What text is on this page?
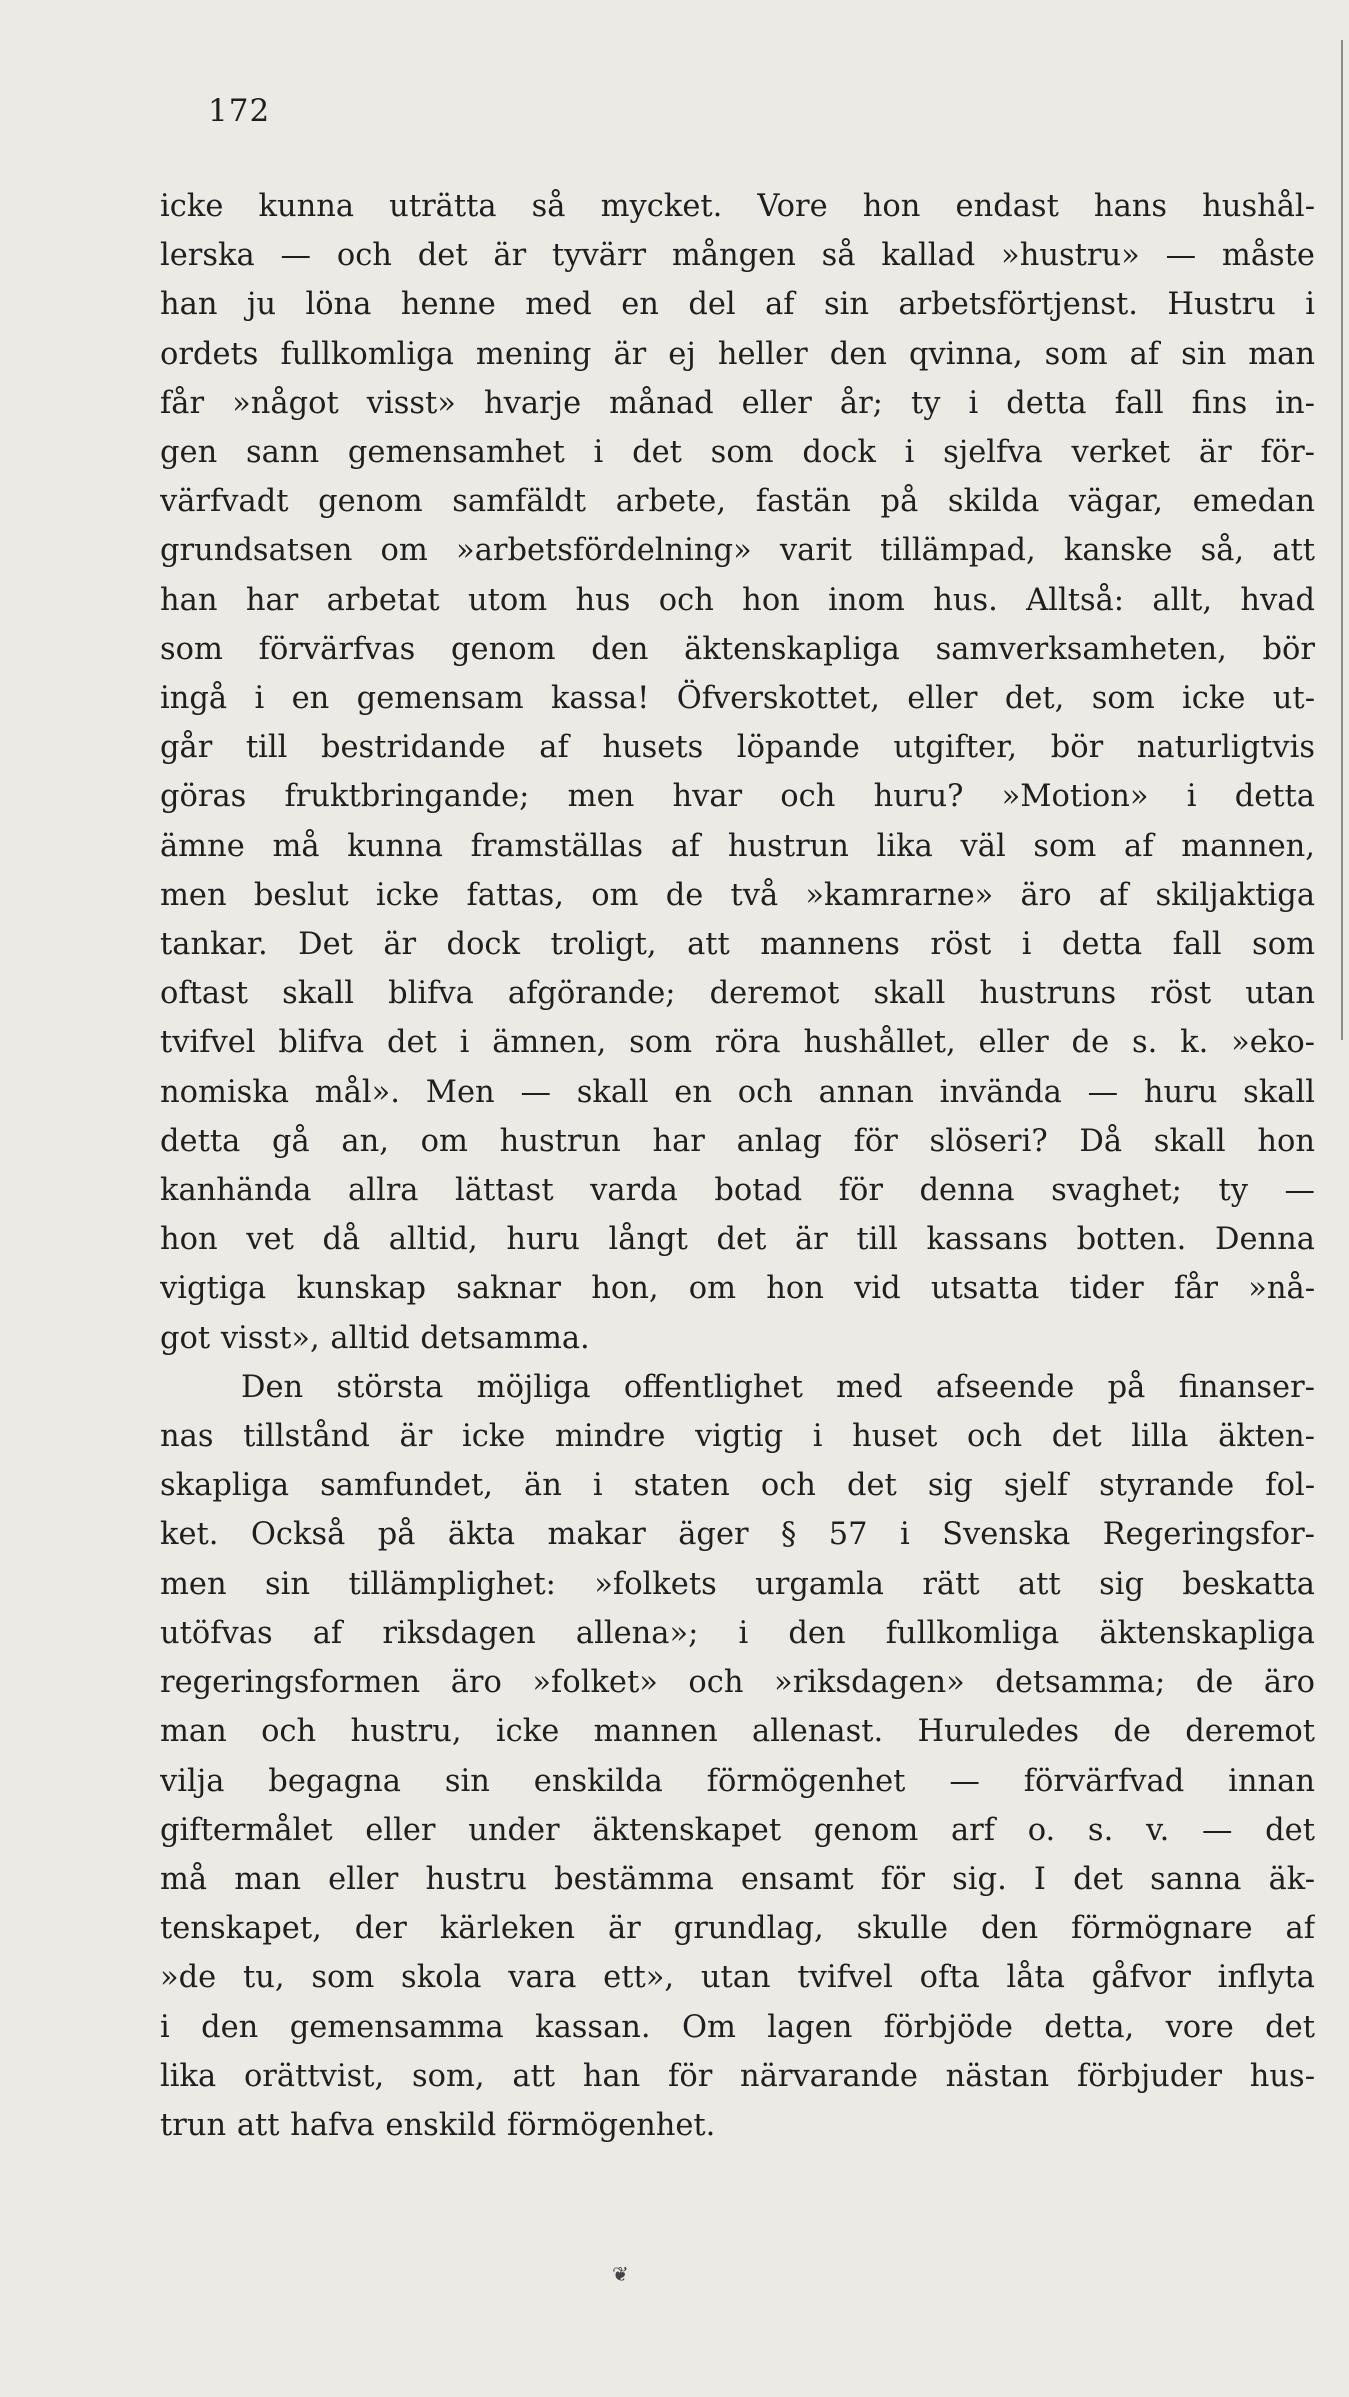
172
icke kunna uträtta så mycket. Vore hon endast hans hushål-
lerska — och det är tyvärr mången så kallad »hustru» — måste
han ju löna henne med en del af sin arbetsförtjenst. Hustru i
ordets fullkomliga mening är ej heller den qvinna, som af sin man
får »något visst» hvarje månad eller år; ty i detta fall fins in-
gen sann gemensamhet i det som dock i sjelfva verket är för-
värfvadt genom samfäldt arbete, fastän på skilda vägar, emedan
grundsatsen om »arbetsfördelning» varit tillämpad, kanske så, att
han har arbetat utom hus och hon inom hus. Alltså: allt, hvad
som förvärfvas genom den äktenskapliga samverksamheten, bör
ingå i en gemensam kassa! Öfverskottet, eller det, som icke ut-
går till bestridande af husets löpande utgifter, bör naturligtvis
göras fruktbringande; men hvar och huru? »Motion» i detta
ämne må kunna framställas af hustrun lika väl som af mannen,
men beslut icke fattas, om de två »kamrarne» äro af skiljaktiga
tankar. Det är dock troligt, att mannens röst i detta fall som
oftast skall blifva afgörande; deremot skall hustruns röst utan
tvifvel blifva det i ämnen, som röra hushållet, eller de s. k. »eko-
nomiska mål». Men — skall en och annan invända — huru skall
detta gå an, om hustrun har anlag för slöseri? Då skall hon
kanhända allra lättast varda botad för denna svaghet; ty —
hon vet då alltid, huru långt det är till kassans botten. Denna
vigtiga kunskap saknar hon, om hon vid utsatta tider får »nå-
got visst», alltid detsamma.
Den största möjliga offentlighet med afseende på finanser-
nas tillstånd är icke mindre vigtig i huset och det lilla äkten-
skapliga samfundet, än i staten och det sig sjelf styrande fol-
ket. Också på äkta makar äger § 57 i Svenska Regeringsfor-
men sin tillämplighet: »folkets urgamla rätt att sig beskatta
utöfvas af riksdagen allena»; i den fullkomliga äktenskapliga
regeringsformen äro »folket» och »riksdagen» detsamma; de äro
man och hustru, icke mannen allenast. Huruledes de deremot
vilja begagna sin enskilda förmögenhet — förvärfvad innan
giftermålet eller under äktenskapet genom arf o. s. v. — det
må man eller hustru bestämma ensamt för sig. I det sanna äk-
tenskapet, der kärleken är grundlag, skulle den förmögnare af
»de tu, som skola vara ett», utan tvifvel ofta låta gåfvor inflyta
i den gemensamma kassan. Om lagen förbjöde detta, vore det
lika orättvist, som, att han för närvarande nästan förbjuder hus-
trun att hafva enskild förmögenhet.
❦
